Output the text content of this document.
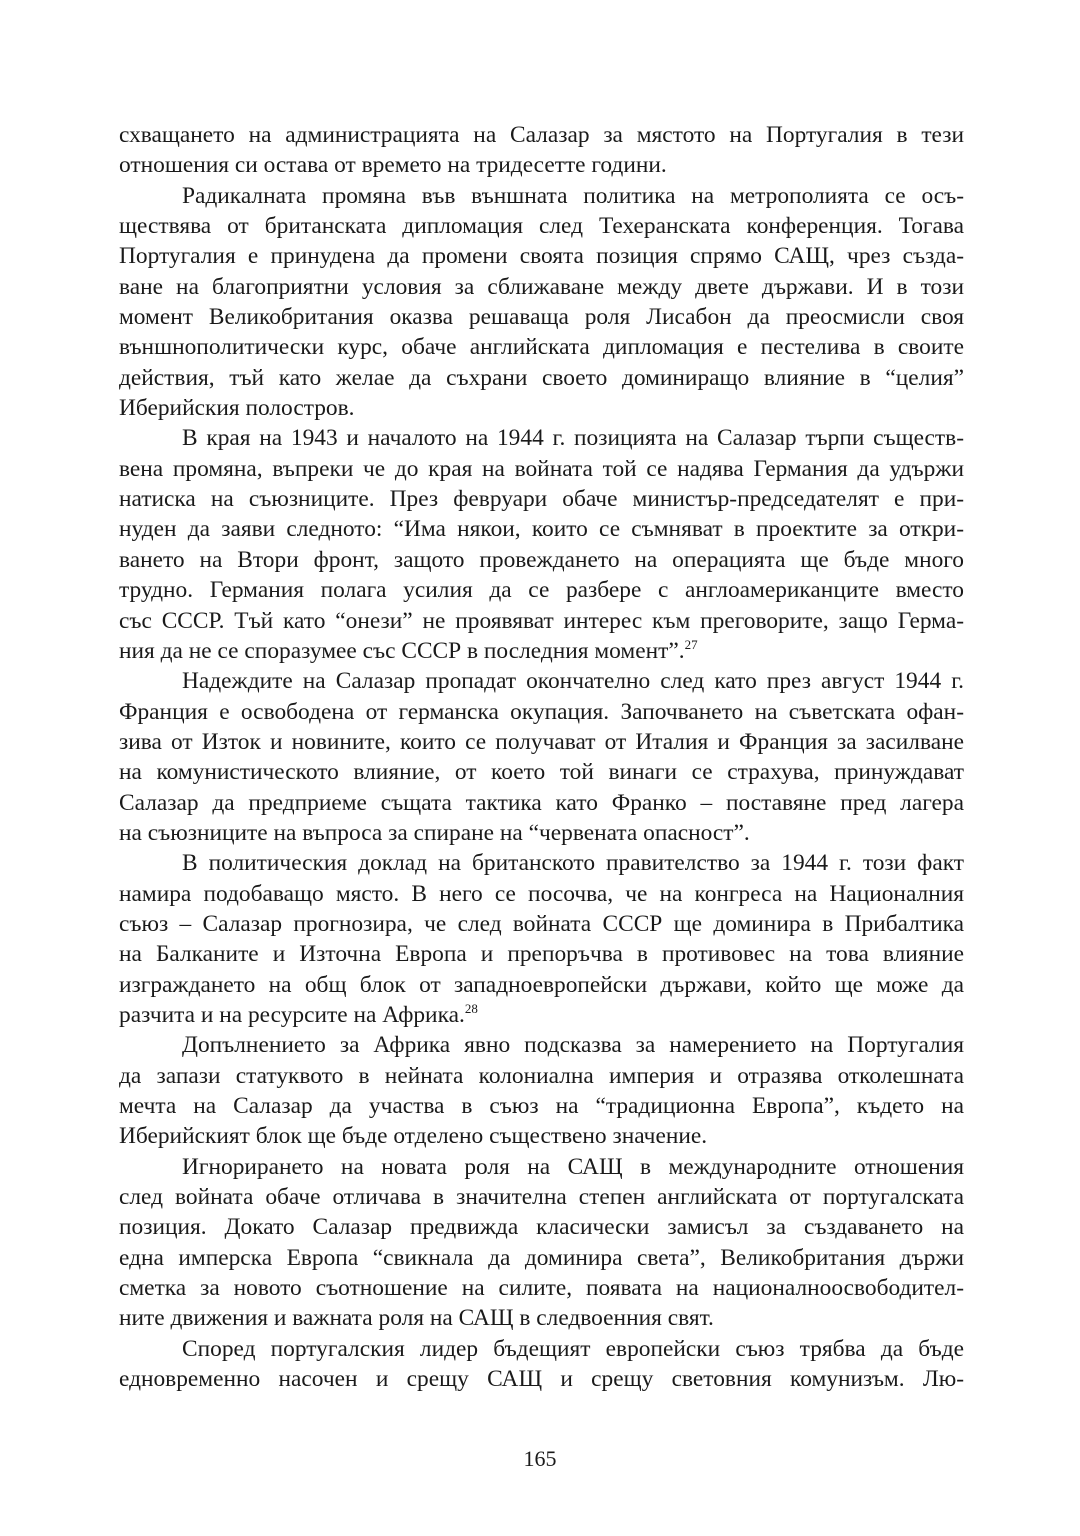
схващането на администрацията на Салазар за мястото на Португалия в тези
отношения си остава от времето на тридесетте години.

Радикалната промяна във външната политика на метрополията се осъ-
ществява от британската дипломация след Техеранската конференция. Тогава
Португалия е принудена да промени своята позиция спрямо САЩ, чрез създа-
ване на благоприятни условия за сближаване между двете държави. И в този
момент Великобритания оказва решаваща роля Лисабон да преосмисли своя
външнополитически курс, обаче английската дипломация е пестелива в своите
действия, тъй като желае да съхрани своето доминиращо влияние в “целия”
Иберийския полостров.

В края на 1943 и началото на 1944 г. позицията на Салазар търпи съществ-
вена промяна, въпреки че до края на войната той се надява Германия да удържи
натиска на съюзниците. През февруари обаче министър-председателят е при-
нуден да заяви следното: “Има някои, които се съмняват в проектите за откри-
ването на Втори фронт, защото провеждането на операцията ще бъде много
трудно. Германия полага усилия да се разбере с англоамериканците вместо
със СССР. Тъй като “онези” не проявяват интерес към преговорите, защо Герма-
ния да не се споразумее със СССР в последния момент”.$^{27}$

Надеждите на Салазар пропадат окончателно след като през август 1944 г.
Франция е освободена от германска окупация. Започването на съветската офан-
зива от Изток и новините, които се получават от Италия и Франция за засилване
на комунистическото влияние, от което той винаги се страхува, принуждават
Салазар да предприеме същата тактика като Франко – поставяне пред лагера
на съюзниците на въпроса за спиране на “червената опасност”.

В политическия доклад на британското правителство за 1944 г. този факт
намира подобаващо място. В него се посочва, че на конгреса на Националния
съюз – Салазар прогнозира, че след войната СССР ще доминира в Прибалтика
на Балканите и Източна Европа и препоръчва в противовес на това влияние
изграждането на общ блок от западноевропейски държави, който ще може да
разчита и на ресурсите на Африка.$^{28}$

Допълнението за Африка явно подсказва за намерението на Португалия
да запази статуквото в нейната колониална империя и отразява отколешната
мечта на Салазар да участва в съюз на “традиционна Европа”, където на
Иберийският блок ще бъде отделено съществено значение.

Игнорирането на новата роля на САЩ в международните отношения
след войната обаче отличава в значителна степен английската от португалската
позиция. Докато Салазар предвижда класически замисъл за създаването на
една имперска Европа “свикнала да доминира света”, Великобритания държи
сметка за новото съотношение на силите, появата на националноосвободител-
ните движения и важната роля на САЩ в следвоенния свят.

Според португалския лидер бъдещият европейски съюз трябва да бъде
едновременно насочен и срещу САЩ и срещу световния комунизъм. Лю-

165
